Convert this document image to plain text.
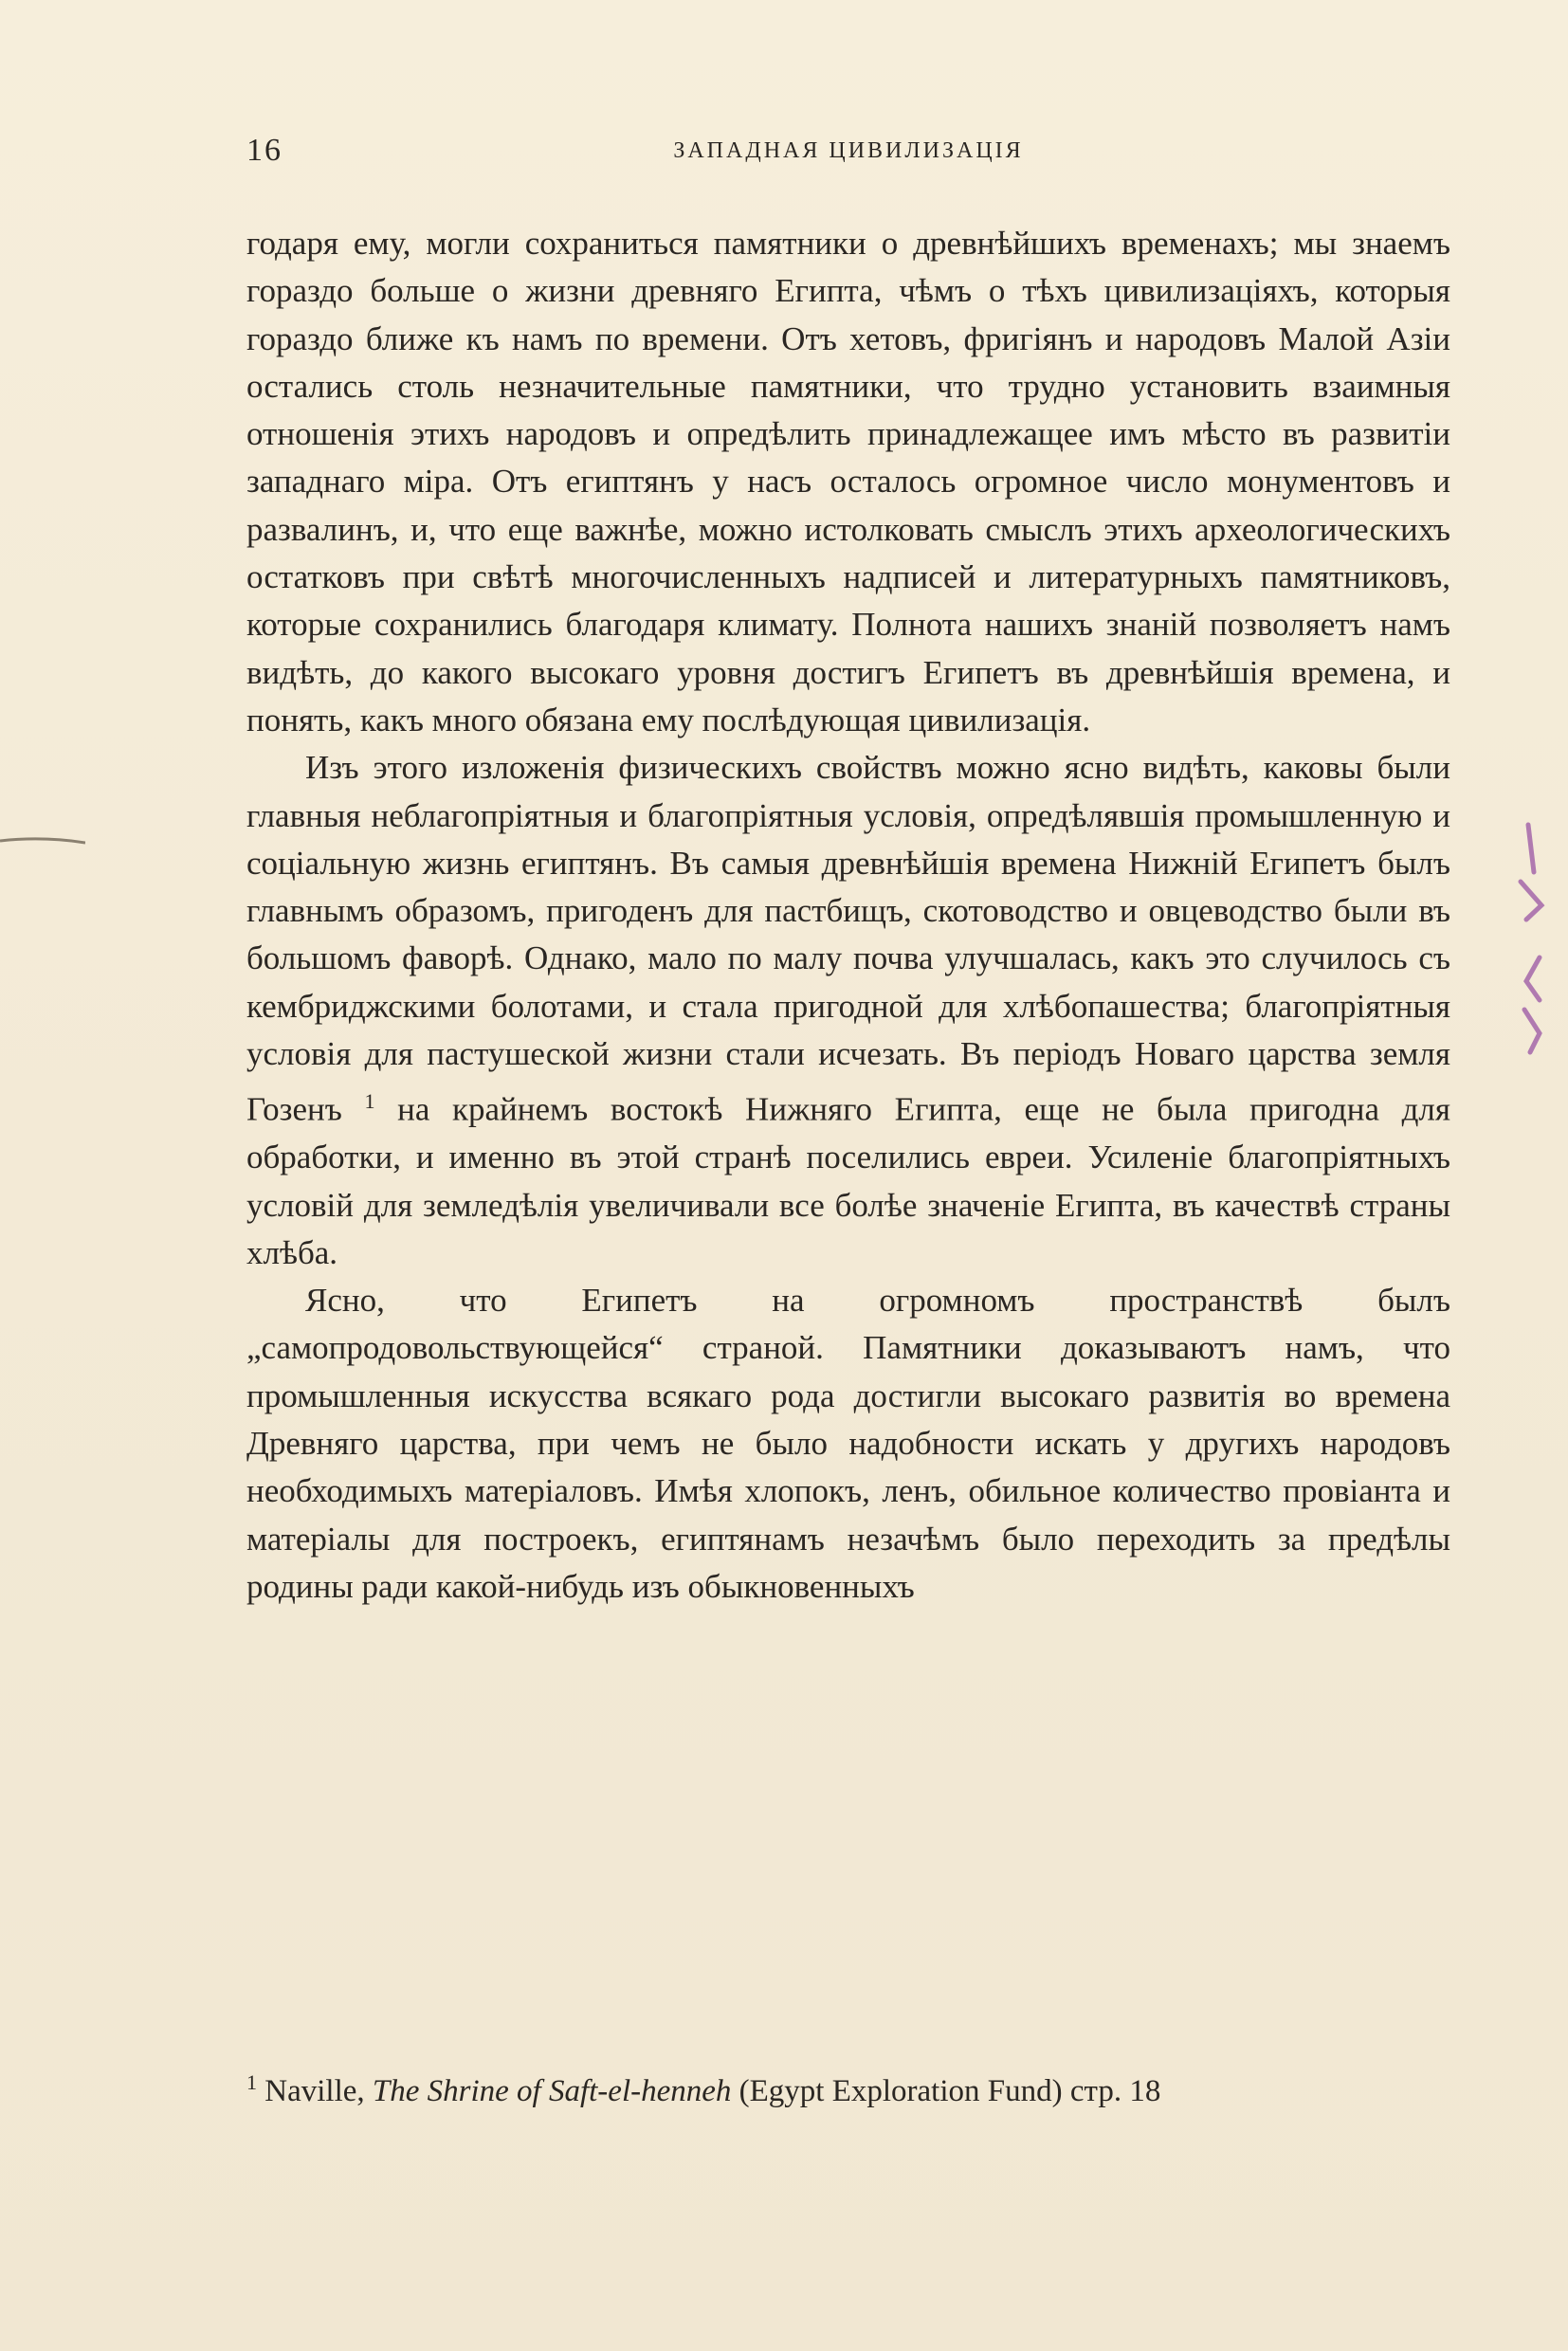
16	ЗАПАДНАЯ ЦИВИЛИЗАЦІЯ

годаря ему, могли сохраниться памятники о древнѣйшихъ временахъ; мы знаемъ гораздо больше о жизни древняго Египта, чѣмъ о тѣхъ цивилизаціяхъ, которыя гораздо ближе къ намъ по времени. Отъ хетовъ, фригіянъ и народовъ Малой Азіи остались столь незначительные памятники, что трудно установить взаимныя отношенія этихъ народовъ и опредѣлить принадлежащее имъ мѣсто въ развитіи западнаго міра. Отъ египтянъ у насъ осталось огромное число монументовъ и развалинъ, и, что еще важнѣе, можно истолковать смыслъ этихъ археологическихъ остатковъ при свѣтѣ многочисленныхъ надписей и литературныхъ памятниковъ, которые сохранились благодаря климату. Полнота нашихъ знаній позволяетъ намъ видѣть, до какого высокаго уровня достигъ Египетъ въ древнѣйшія времена, и понять, какъ много обязана ему послѣдующая цивилизація.

Изъ этого изложенія физическихъ свойствъ можно ясно видѣть, каковы были главныя неблагопріятныя и благопріятныя условія, опредѣлявшія промышленную и соціальную жизнь египтянъ. Въ самыя древнѣйшія времена Нижній Египетъ былъ главнымъ образомъ, пригоденъ для пастбищъ, скотоводство и овцеводство были въ большомъ фаворѣ. Однако, мало по малу почва улучшалась, какъ это случилось съ кембриджскими болотами, и стала пригодной для хлѣбопашества; благопріятныя условія для пастушеской жизни стали исчезать. Въ періодъ Новаго царства земля Гозенъ $^1$ на крайнемъ востокѣ Нижняго Египта, еще не была пригодна для обработки, и именно въ этой странѣ поселились евреи. Усиленіе благопріятныхъ условій для земледѣлія увеличивали все болѣе значеніе Египта, въ качествѣ страны хлѣба.

Ясно, что Египетъ на огромномъ пространствѣ былъ „самопродовольствующейся“ страной. Памятники доказываютъ намъ, что промышленныя искусства всякаго рода достигли высокаго развитія во времена Древняго царства, при чемъ не было надобности искать у другихъ народовъ необходимыхъ матеріаловъ. Имѣя хлопокъ, ленъ, обильное количество провіанта и матеріалы для построекъ, египтянамъ незачѣмъ было переходить за предѣлы родины ради какой-нибудь изъ обыкновенныхъ

$^1$ Naville, The Shrine of Saft-el-henneh (Egypt Exploration Fund) стр. 18
